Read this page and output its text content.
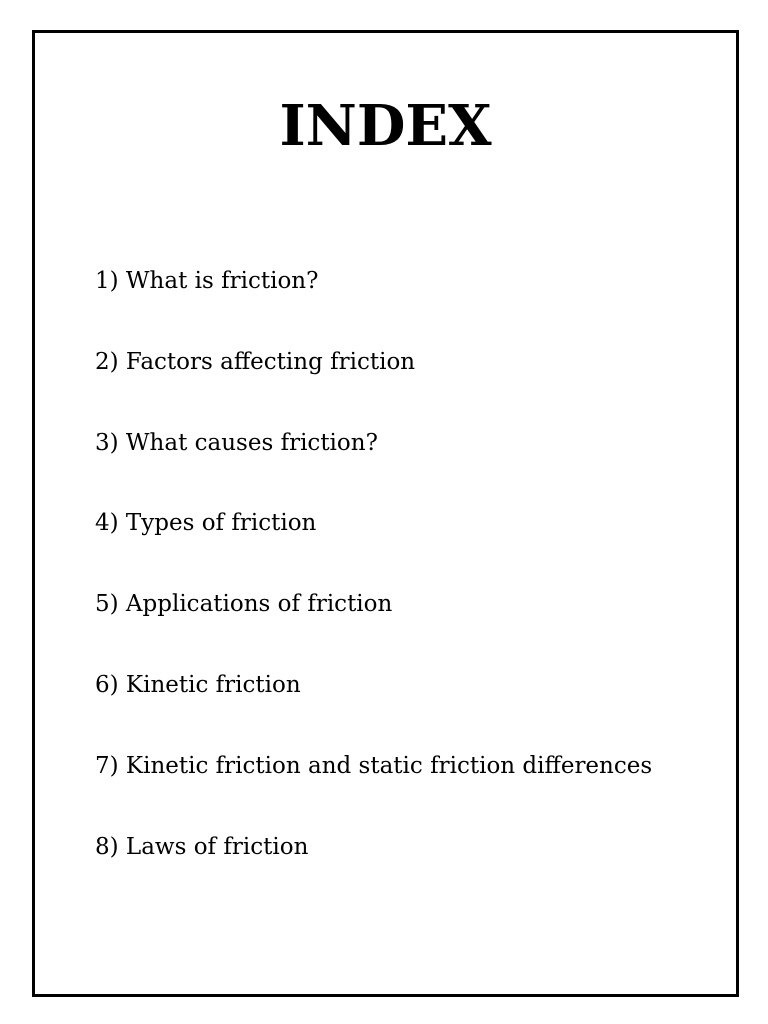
INDEX
1) What is friction?
2) Factors affecting friction
3) What causes friction?
4) Types of friction
5) Applications of friction
6) Kinetic friction
7) Kinetic friction and static friction differences
8) Laws of friction
